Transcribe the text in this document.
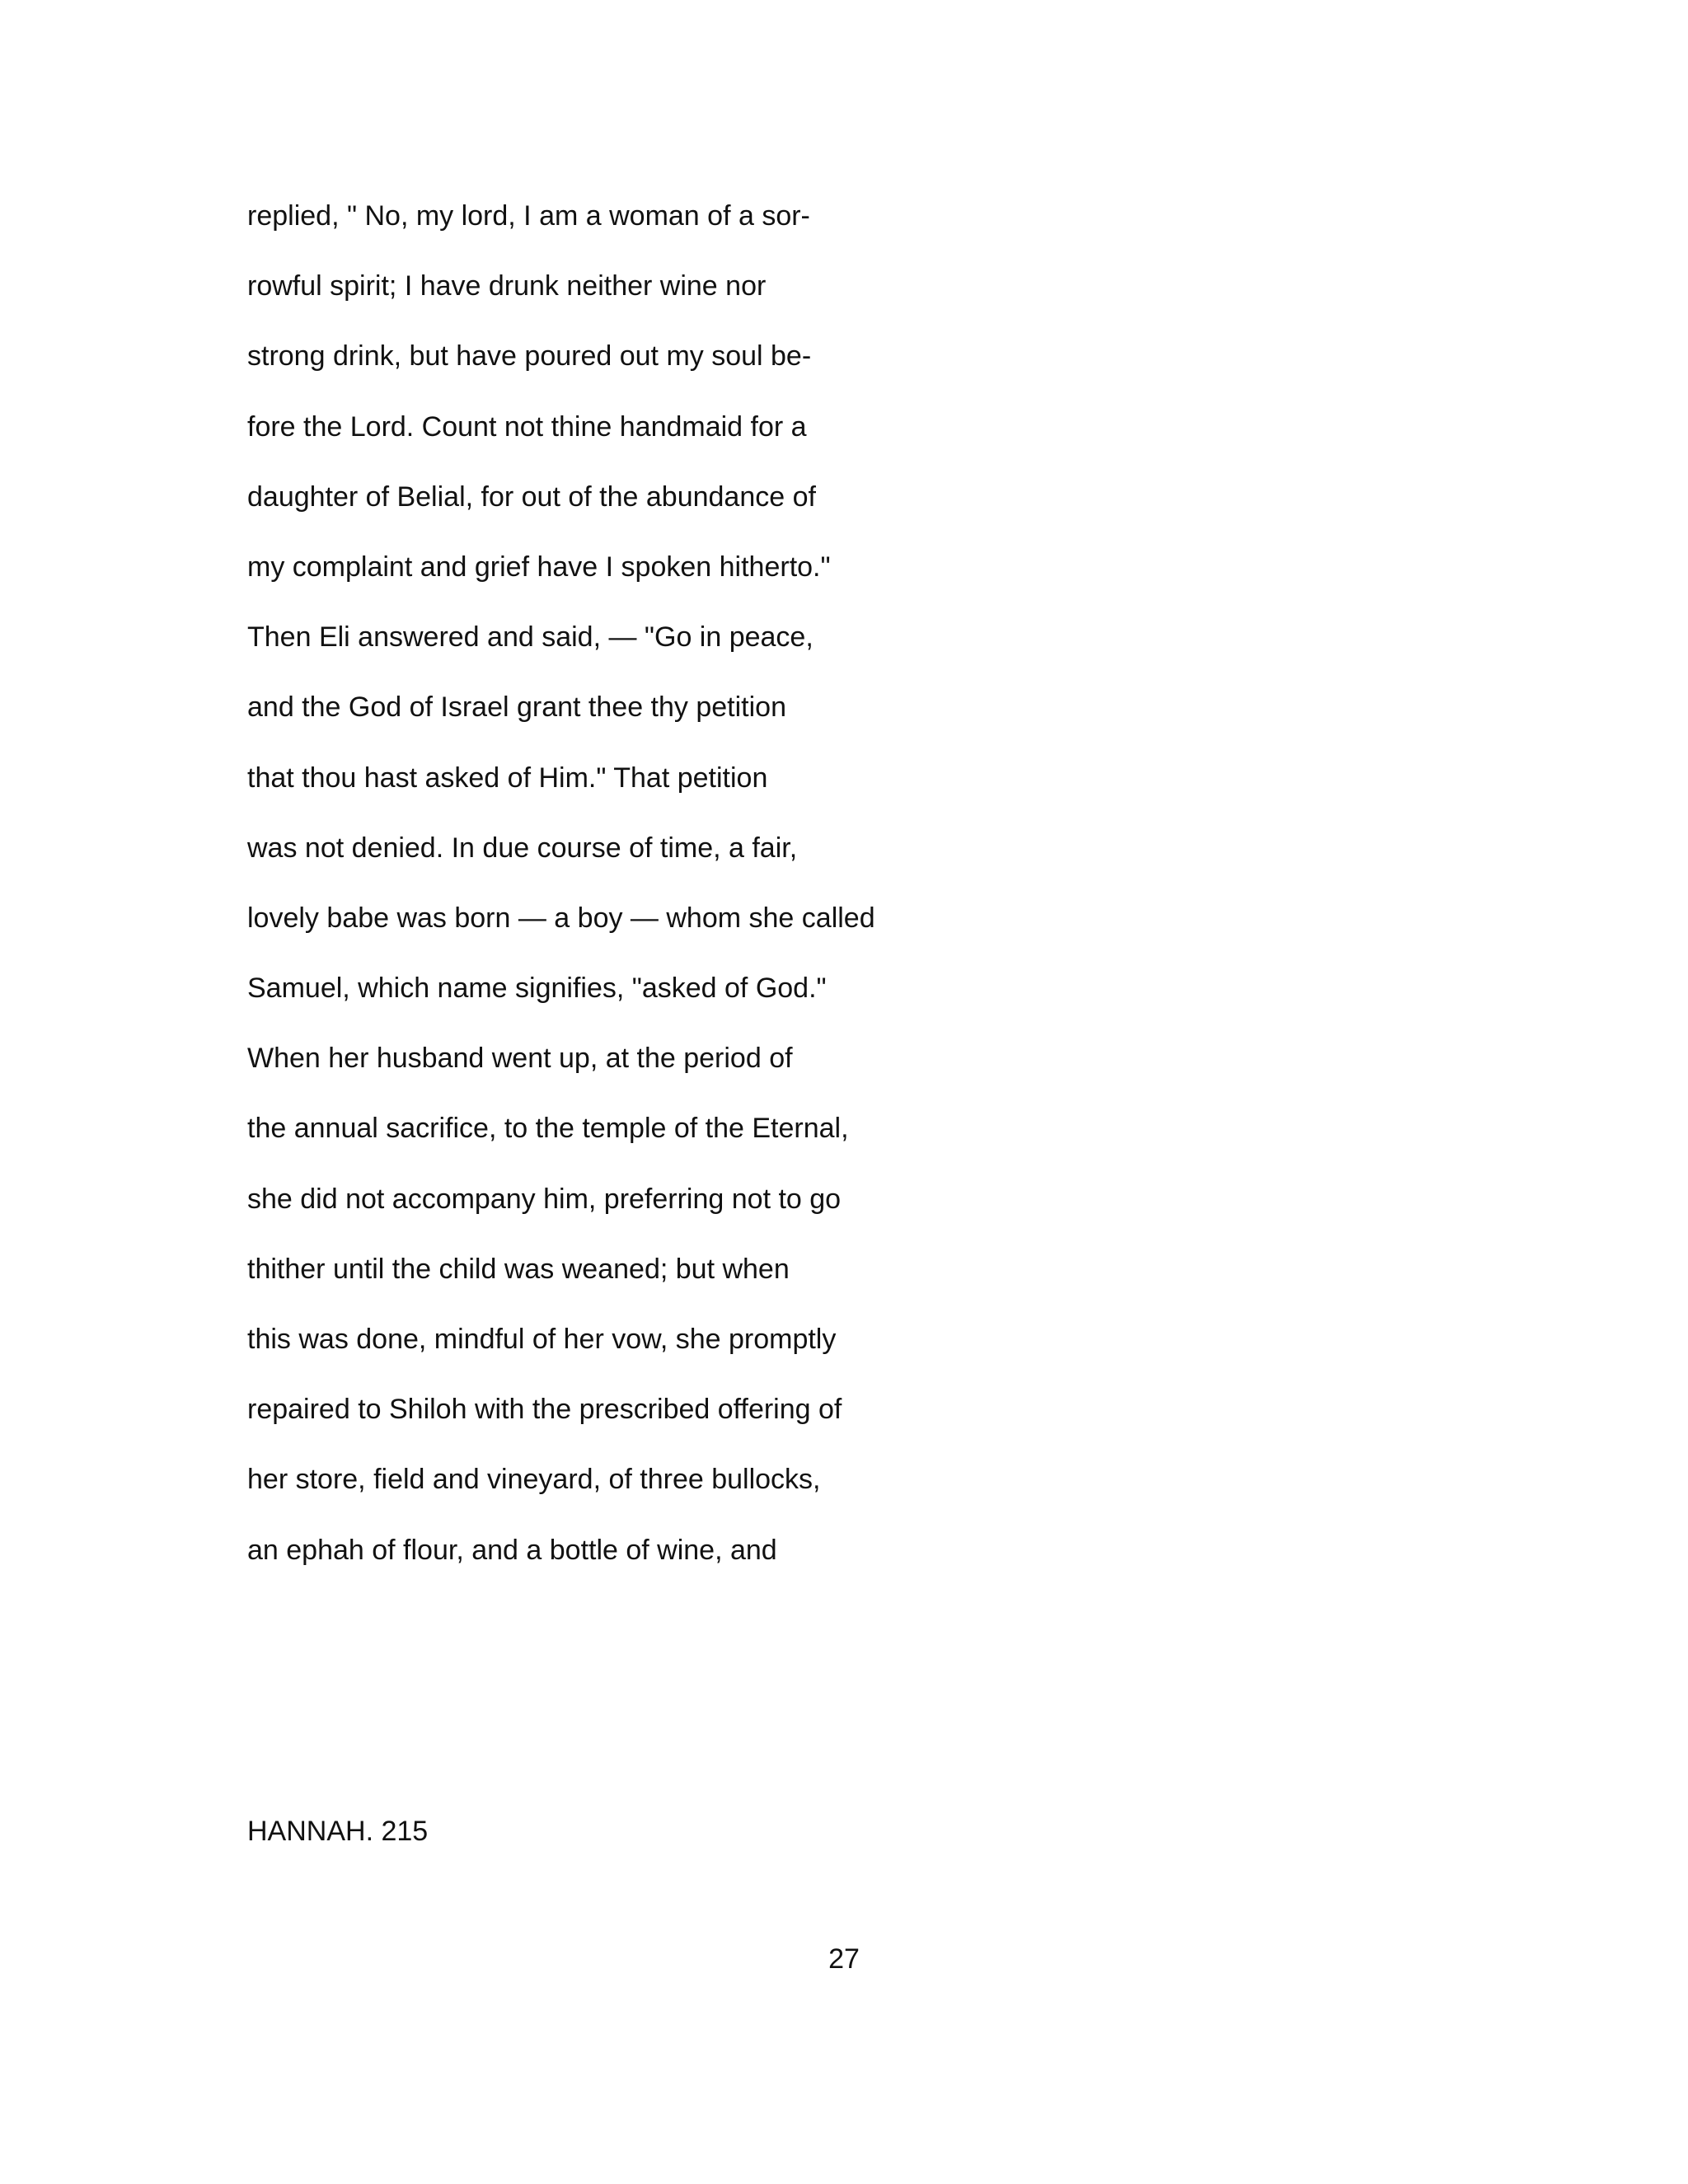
replied, " No, my lord, I am a woman of a sor-
rowful spirit; I have drunk neither wine nor
strong drink, but have poured out my soul be-
fore the Lord. Count not thine handmaid for a
daughter of Belial, for out of the abundance of
my complaint and grief have I spoken hitherto."
Then Eli answered and said, — "Go in peace,
and the God of Israel grant thee thy petition
that thou hast asked of Him." That petition
was not denied. In due course of time, a fair,
lovely babe was born — a boy — whom she called
Samuel, which name signifies, "asked of God."
When her husband went up, at the period of
the annual sacrifice, to the temple of the Eternal,
she did not accompany him, preferring not to go
thither until the child was weaned; but when
this was done, mindful of her vow, she promptly
repaired to Shiloh with the prescribed offering of
her store, field and vineyard, of three bullocks,
an ephah of flour, and a bottle of wine, and
HANNAH. 215
27
